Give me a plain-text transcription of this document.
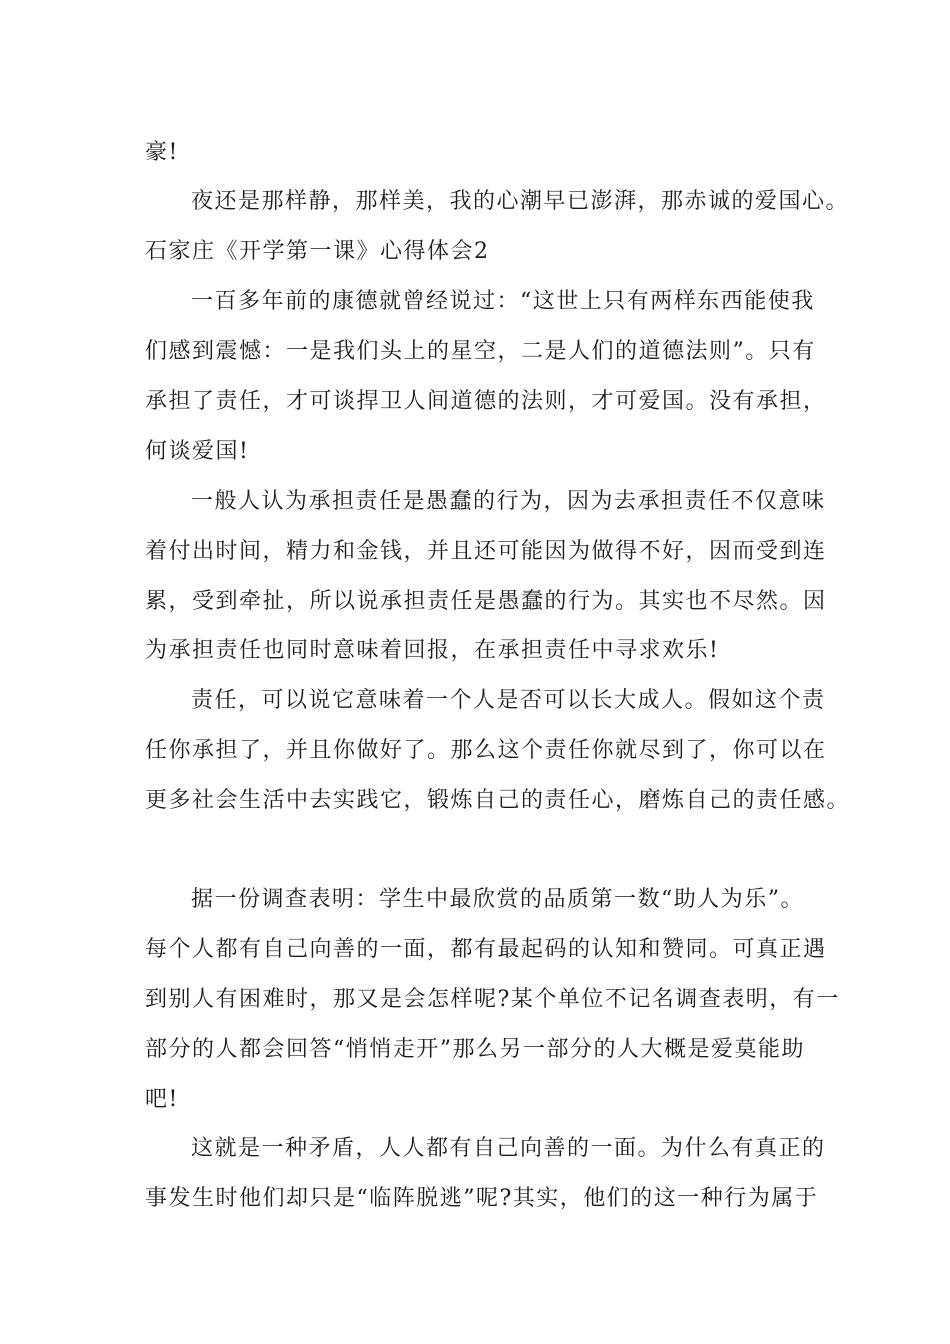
豪!
夜还是那样静，那样美，我的心潮早已澎湃，那赤诚的爱国心。
石家庄《开学第一课》心得体会2
一百多年前的康德就曾经说过：“这世上只有两样东西能使我
们感到震憾：一是我们头上的星空，二是人们的道德法则”。只有
承担了责任，才可谈捍卫人间道德的法则，才可爱国。没有承担，
何谈爱国!
一般人认为承担责任是愚蠢的行为，因为去承担责任不仅意味
着付出时间，精力和金钱，并且还可能因为做得不好，因而受到连
累，受到牵扯，所以说承担责任是愚蠢的行为。其实也不尽然。因
为承担责任也同时意味着回报，在承担责任中寻求欢乐!
责任，可以说它意味着一个人是否可以长大成人。假如这个责
任你承担了，并且你做好了。那么这个责任你就尽到了，你可以在
更多社会生活中去实践它，锻炼自己的责任心，磨炼自己的责任感。
据一份调查表明：学生中最欣赏的品质第一数“助人为乐”。
每个人都有自己向善的一面，都有最起码的认知和赞同。可真正遇
到别人有困难时，那又是会怎样呢?某个单位不记名调查表明，有一
部分的人都会回答“悄悄走开”那么另一部分的人大概是爱莫能助
吧!
这就是一种矛盾，人人都有自己向善的一面。为什么有真正的
事发生时他们却只是“临阵脱逃”呢?其实，他们的这一种行为属于
